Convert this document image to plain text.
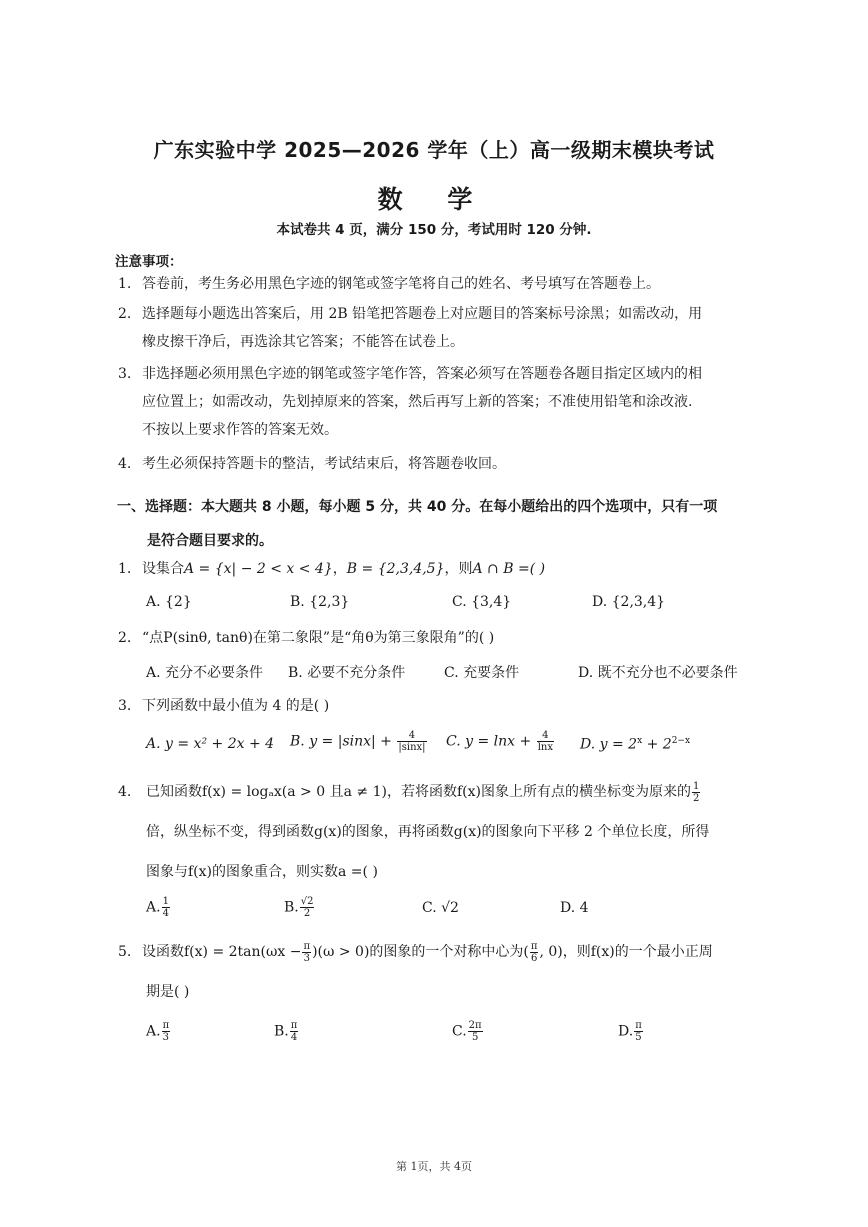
广东实验中学 2025—2026 学年（上）高一级期末模块考试
数 学
本试卷共 4 页，满分 150 分，考试用时 120 分钟.
注意事项：
1. 答卷前，考生务必用黑色字迹的钢笔或签字笔将自己的姓名、考号填写在答题卷上。
2. 选择题每小题选出答案后，用 2B 铅笔把答题卷上对应题目的答案标号涂黑；如需改动，用
橡皮擦干净后，再选涂其它答案；不能答在试卷上。
3. 非选择题必须用黑色字迹的钢笔或签字笔作答，答案必须写在答题卷各题目指定区域内的相
应位置上；如需改动，先划掉原来的答案，然后再写上新的答案；不准使用铅笔和涂改液.
不按以上要求作答的答案无效。
4. 考生必须保持答题卡的整洁，考试结束后，将答题卷收回。
一、选择题：本大题共 8 小题，每小题 5 分，共 40 分。在每小题给出的四个选项中，只有一项
是符合题目要求的。
1. 设集合A = {x| − 2 < x < 4}，B = {2,3,4,5}，则A ∩ B =( )
A. {2}	B. {2,3}	C. {3,4}	D. {2,3,4}
2. “点P(sinθ, tanθ)在第二象限”是“角θ为第三象限角”的( )
A. 充分不必要条件 B. 必要不充分条件	C. 充要条件	D. 既不充分也不必要条件
3. 下列函数中最小值为 4 的是( )
A. y = x² + 2x + 4 B. $y = |\sin x| + \frac{4}{|\sin x|} C$. $y = \ln x + \frac{4}{\ln x} D$. $y = 2^x + 2^{2-x}$
4. 已知函数f(x) = logₐx(a > 0 且a ≠ 1)，若将函数f(x)图象上所有点的横坐标变为原来的 $\frac{1}{2}$
倍，纵坐标不变，得到函数g(x)的图象，再将函数g(x)的图象向下平移 2 个单位长度，所得
图象与f(x)的图象重合，则实数a =( )
A. $\frac{1}{4}$	B. $\frac{√2}{2}$	C. √2	D. 4
5. 设函数$f(x) = 2\tan(\omega x - \frac{\pi}{3} )(\omega > 0)$的图象的一个对称中心为( $\frac{\pi}{6}$ , 0)，则f(x)的一个最小正周
期是( )
A. $\frac{\pi}{3}$	B. $\frac{\pi}{4}$	C. $\frac{2\pi}{5}$	D. $\frac{\pi}{5}$
第 1页，共 4页
